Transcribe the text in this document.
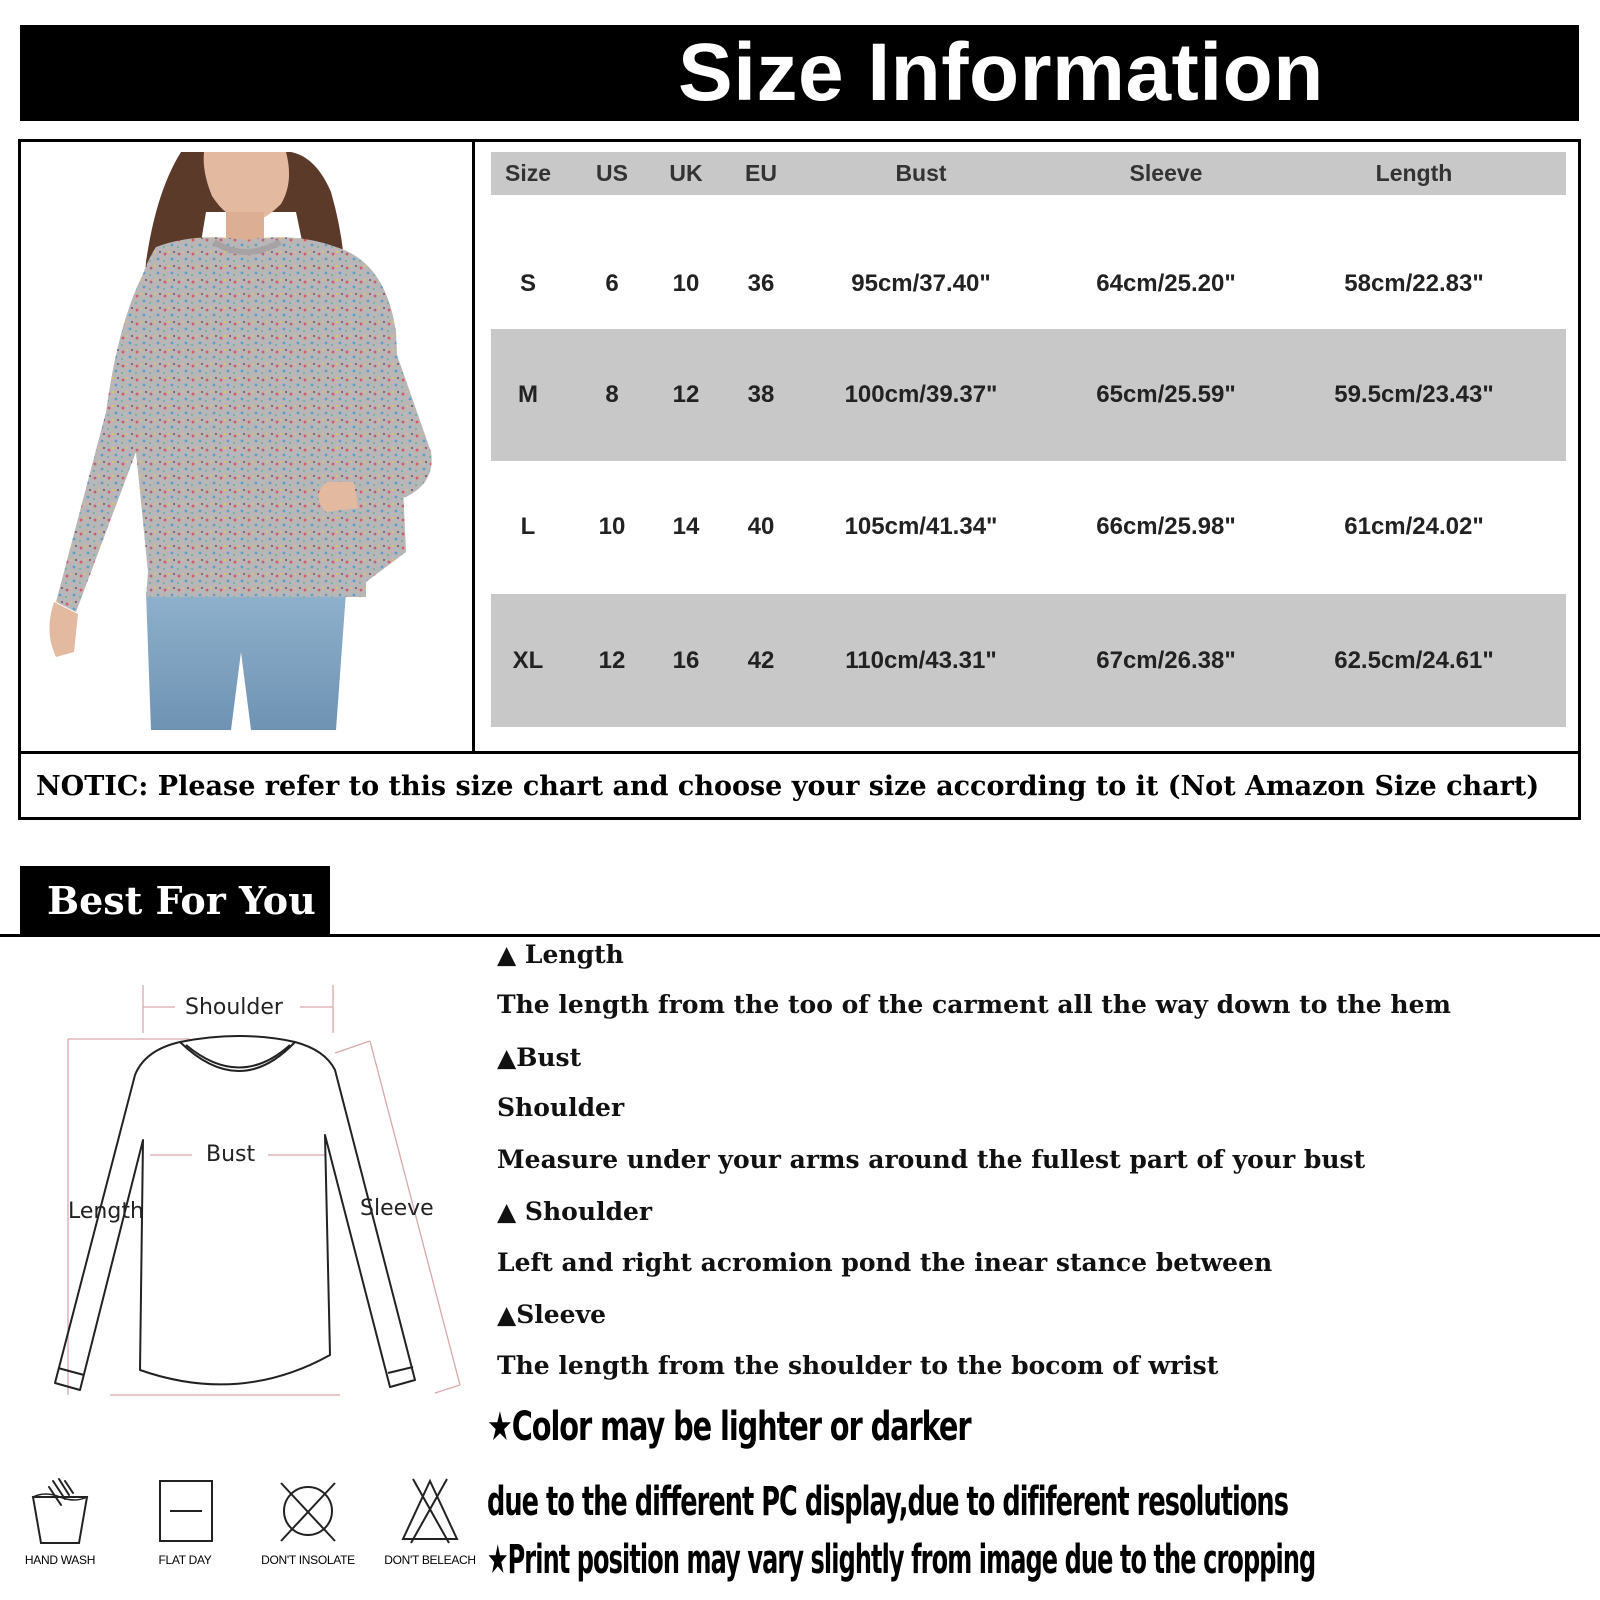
Size Information
Size	US	UK	EU	Bust	Sleeve	Length
S	6	10	36	95cm/37.40"	64cm/25.20"	58cm/22.83"
M	8	12	38	100cm/39.37"	65cm/25.59"	59.5cm/23.43"
L	10	14	40	105cm/41.34"	66cm/25.98"	61cm/24.02"
XL	12	16	42	110cm/43.31"	67cm/26.38"	62.5cm/24.61"
NOTIC: Please refer to this size chart and choose your size according to it (Not Amazon Size chart)
Best For You
Shoulder
Bust
Length	Sleeve
▲ Length
The length from the too of the carment all the way down to the hem
▲Bust
Shoulder
Measure under your arms around the fullest part of your bust
▲ Shoulder
Left and right acromion pond the inear stance between
▲Sleeve
The length from the shoulder to the bocom of wrist
★Color may be lighter or darker
due to the different PC display,due to dififerent resolutions
★Print position may vary slightly from image due to the cropping
HAND WASH	FLAT DAY	DON'T INSOLATE	DON'T BELEACH
